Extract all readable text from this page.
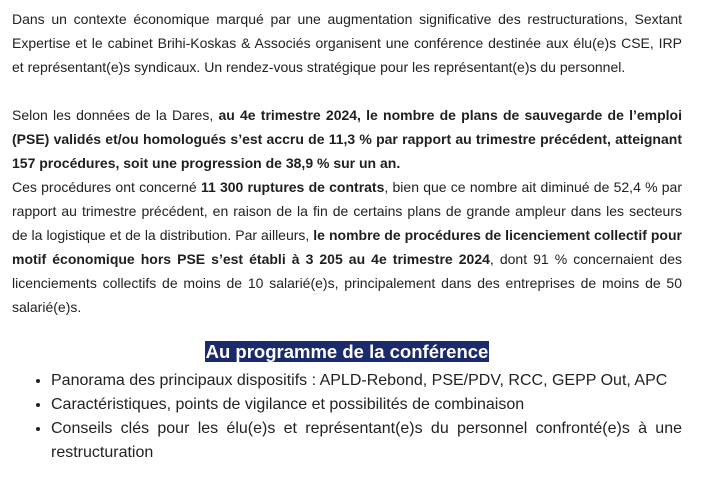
Dans un contexte économique marqué par une augmentation significative des restructurations, Sextant Expertise et le cabinet Brihi-Koskas & Associés organisent une conférence destinée aux élu(e)s CSE, IRP et représentant(e)s syndicaux. Un rendez-vous stratégique pour les représentant(e)s du personnel.

Selon les données de la Dares, au 4e trimestre 2024, le nombre de plans de sauvegarde de l’emploi (PSE) validés et/ou homologués s’est accru de 11,3 % par rapport au trimestre précédent, atteignant 157 procédures, soit une progression de 38,9 % sur un an.
Ces procédures ont concerné 11 300 ruptures de contrats, bien que ce nombre ait diminué de 52,4 % par rapport au trimestre précédent, en raison de la fin de certains plans de grande ampleur dans les secteurs de la logistique et de la distribution. Par ailleurs, le nombre de procédures de licenciement collectif pour motif économique hors PSE s’est établi à 3 205 au 4e trimestre 2024, dont 91 % concernaient des licenciements collectifs de moins de 10 salarié(e)s, principalement dans des entreprises de moins de 50 salarié(e)s.

Au programme de la conférence
• Panorama des principaux dispositifs : APLD-Rebond, PSE/PDV, RCC, GEPP Out, APC
• Caractéristiques, points de vigilance et possibilités de combinaison
• Conseils clés pour les élu(e)s et représentant(e)s du personnel confronté(e)s à une restructuration
